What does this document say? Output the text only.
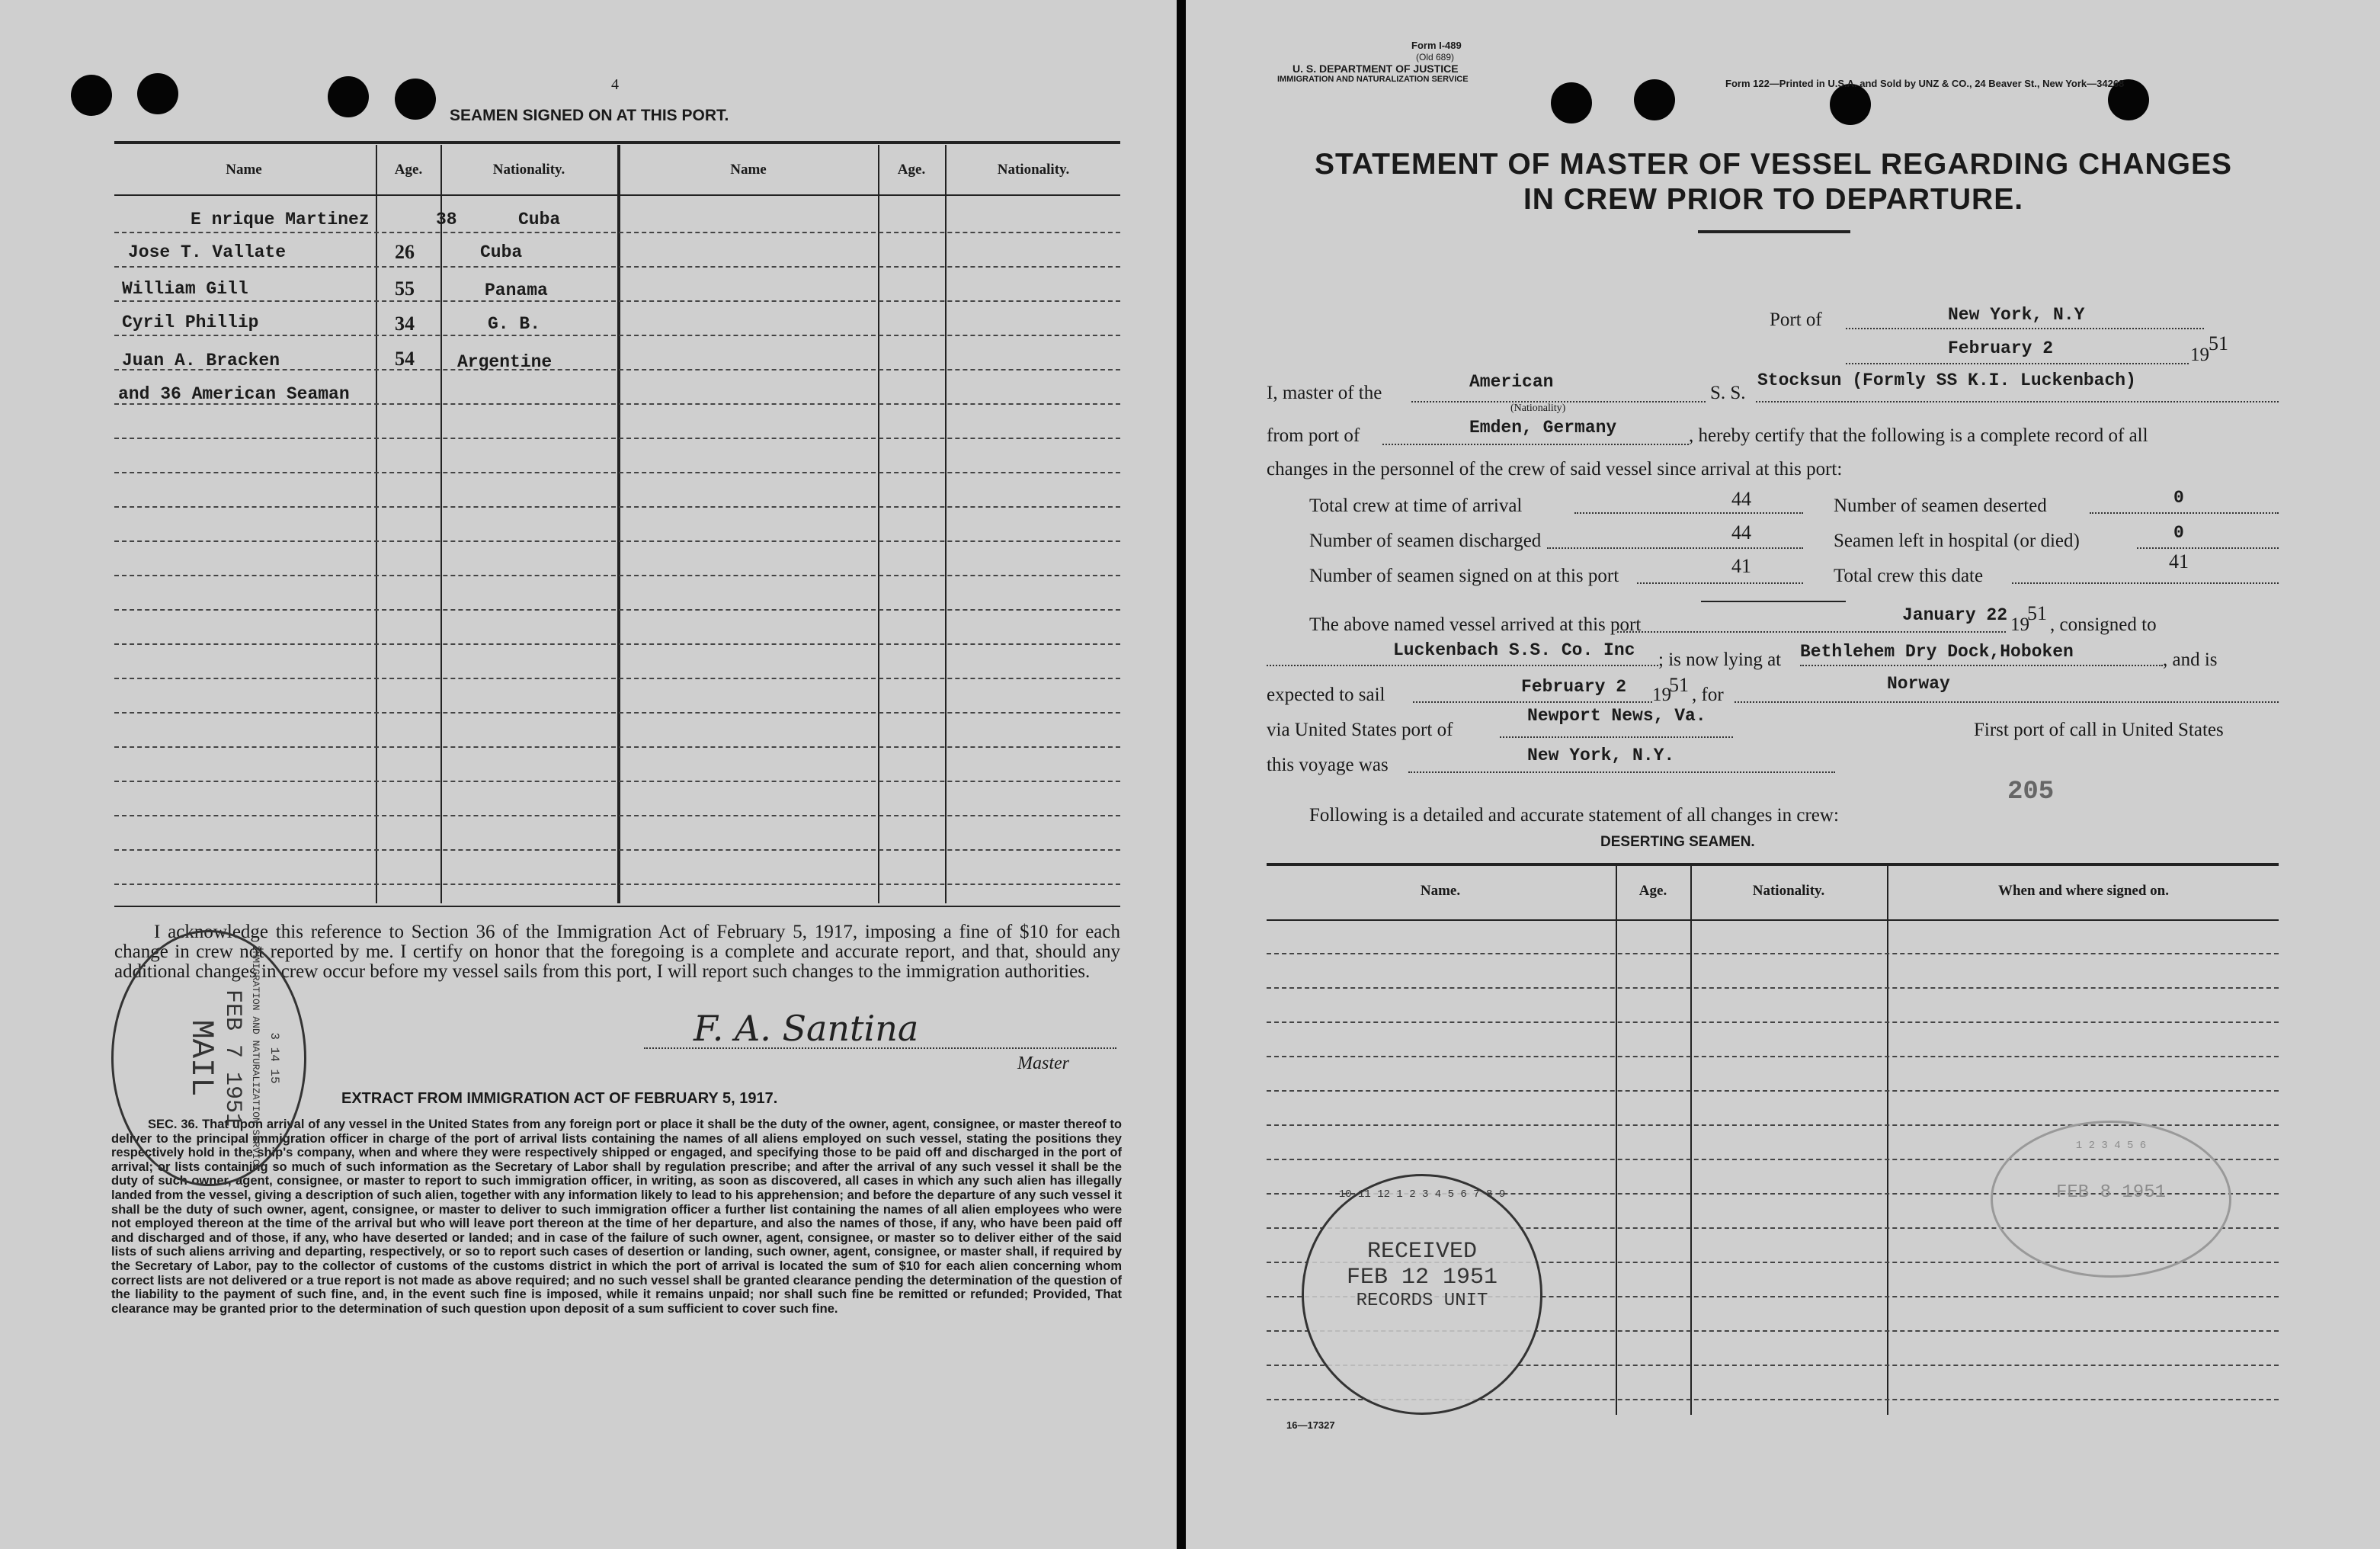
4
SEAMEN SIGNED ON AT THIS PORT.
Name	Age.	Nationality.	Name	Age.	Nationality.
E nrique Martinez	38	Cuba
Jose T. Vallate	26	Cuba
William Gill	55	Panama
Cyril Phillip	34	G. B.
Juan A. Bracken	54 Argentine
and 36 American Seaman
I acknowledge this reference to Section 36 of the Immigration Act of February 5, 1917, imposing a fine of $10 for each change in crew not reported by me. I certify on honor that the foregoing is a complete and accurate report, and that, should any additional changes in crew occur before my vessel sails from this port, I will report such changes to the immigration authorities.
F. A. Santina
Master
EXTRACT FROM IMMIGRATION ACT OF FEBRUARY 5, 1917.
SEC. 36. That upon arrival of any vessel in the United States from any foreign port or place it shall be the duty of the owner, agent, consignee, or master thereof to deliver to the principal immigration officer in charge of the port of arrival lists containing the names of all aliens employed on such vessel, stating the positions they respectively hold in the ship's company, when and where they were respectively shipped or engaged, and specifying those to be paid off and discharged in the port of arrival; or lists containing so much of such information as the Secretary of Labor shall by regulation prescribe; and after the arrival of any such vessel it shall be the duty of such owner, agent, consignee, or master to report to such immigration officer, in writing, as soon as discovered, all cases in which any such alien has illegally landed from the vessel, giving a description of such alien, together with any information likely to lead to his apprehension; and before the departure of any such vessel it shall be the duty of such owner, agent, consignee, or master to deliver to such immigration officer a further list containing the names of all alien employees who were not employed thereon at the time of the arrival but who will leave port thereon at the time of her departure, and also the names of those, if any, who have been paid off and discharged and of those, if any, who have deserted or landed; and in case of the failure of such owner, agent, consignee, or master so to deliver either of the said lists of such aliens arriving and departing, respectively, or so to report such cases of desertion or landing, such owner, agent, consignee, or master shall, if required by the Secretary of Labor, pay to the collector of customs of the customs district in which the port of arrival is located the sum of $10 for each alien concerning whom correct lists are not delivered or a true report is not made as above required; and no such vessel shall be granted clearance pending the determination of the question of the liability to the payment of such fine, and, in the event such fine is imposed, while it remains unpaid; nor shall such fine be remitted or refunded; Provided, That clearance may be granted prior to the determination of such question upon deposit of a sum sufficient to cover such fine.
3 14 15
IMMIGRATION AND NATURALIZATION SERVICE
FEB 7 1951
MAIL
Form I-489
(Old 689)
U. S. DEPARTMENT OF JUSTICE
IMMIGRATION AND NATURALIZATION SERVICE	Form 122—Printed in U.S.A. and Sold by UNZ & CO., 24 Beaver St., New York—34268
STATEMENT OF MASTER OF VESSEL REGARDING CHANGES
IN CREW PRIOR TO DEPARTURE.
Port of	New York, N.Y
February 2	19
51
I, master of the
American
(Nationality)
S. S.
Stocksun (Formly SS K.I. Luckenbach)
from port of	Emden, Germany	, hereby certify that the following is a complete record of all
changes in the personnel of the crew of said vessel since arrival at this port:
Total crew at time of arrival	44
Number of seamen discharged	44
Number of seamen signed on at this port	41
Number of seamen deserted	0
Seamen left in hospital (or died)	0
Total crew this date
41
The above named vessel arrived at this port	January 22 19
51
, consigned to
Luckenbach S.S. Co. Inc ; is now lying at Bethlehem Dry Dock,Hoboken	, and is
expected to sail	February 2 19
51 , for
Norway
via United States port of
Newport News, Va.
First port of call in United States
this voyage was	New York, N.Y.
205
Following is a detailed and accurate statement of all changes in crew:
DESERTING SEAMEN.
Name.	Age.	Nationality.	When and where signed on.
16—17327
10 11 12 1 2 3 4 5 6 7 8 9
RECEIVED
FEB 12 1951
RECORDS UNIT
1 2 3 4 5 6
FEB 8 1951
